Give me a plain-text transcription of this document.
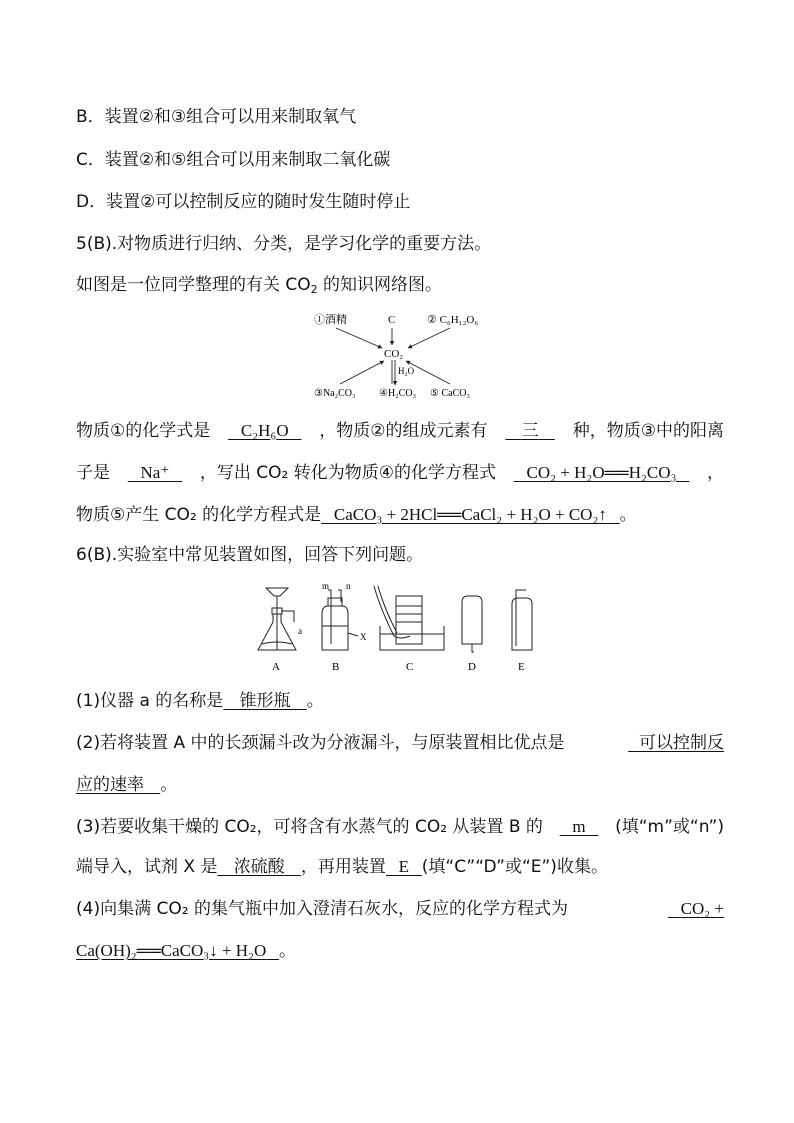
B．装置②和③组合可以用来制取氧气
C．装置②和⑤组合可以用来制取二氧化碳
D．装置②可以控制反应的随时发生随时停止
5(B).对物质进行归纳、分类，是学习化学的重要方法。
如图是一位同学整理的有关 $CO_2$ 的知识网络图。
①酒精	C	② C₆H₁₂O₆
CO₂
H₂O
③Na₂CO₃ ④H₂CO₃ ⑤ CaCO₃
物质①的化学式是	C₂H₆O	，物质②的组成元素有	三	种，物质③中的阳离
子是	Na⁺	，写出 CO₂ 转化为物质④的化学方程式	CO₂ + H₂O══H₂CO₃	，
物质⑤产生 CO₂ 的化学方程式是 CaCO₃ + 2HCl══CaCl₂ + H₂O + CO₂↑ 。
6(B).实验室中常见装置如图，回答下列问题。
a
A
m n
X
B	C	D	E
(1)仪器 a 的名称是 锥形瓶 。
(2)若将装置 A 中的长颈漏斗改为分液漏斗，与原装置相比优点是	可以控制反
应的速率 。
(3)若要收集干燥的 CO₂，可将含有水蒸气的 CO₂ 从装置 B 的	m	(填“m”或“n”)
端导入，试剂 X 是 浓硫酸 ，再用装置 E (填“C”“D”或“E”)收集。
(4)向集满 CO₂ 的集气瓶中加入澄清石灰水，反应的化学方程式为	CO₂ +
Ca(OH)₂══CaCO₃↓ + H₂O 。
